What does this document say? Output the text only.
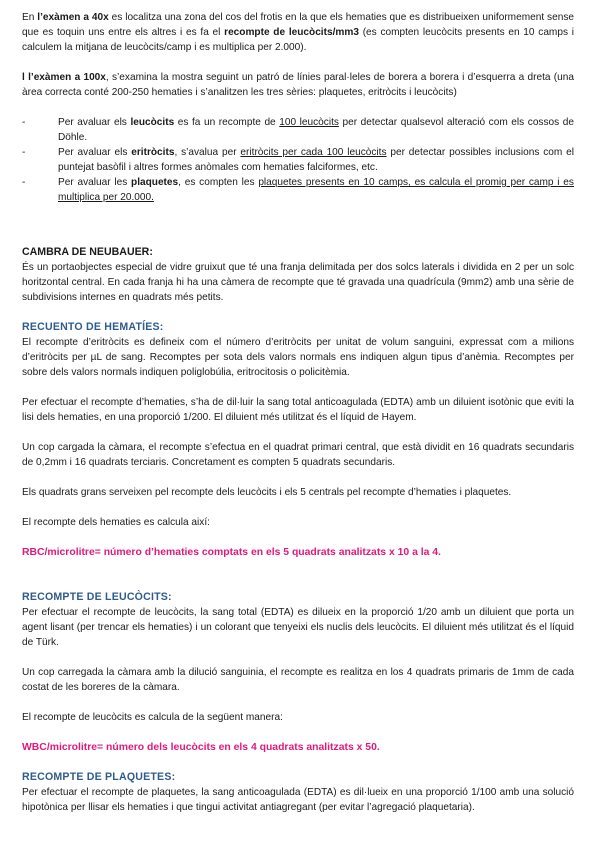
En l’exàmen a 40x es localitza una zona del cos del frotis en la que els hematies que es distribueixen uniformement sense que es toquin uns entre els altres i es fa el recompte de leucòcits/mm3 (es compten leucòcits presents en 10 camps i calculem la mitjana de leucòcits/camp i es multiplica per 2.000).

l l’exàmen a 100x, s’examina la mostra seguint un patró de línies paral·leles de borera a borera i d’esquerra a dreta (una àrea correcta conté 200-250 hematies i s’analitzen les tres sèries: plaquetes, eritròcits i leucòcits)

-	Per avaluar els leucòcits es fa un recompte de 100 leucòcits per detectar qualsevol alteració com els cossos de Döhle.
-	Per avaluar els eritròcits, s’avalua per eritròcits per cada 100 leucòcits per detectar possibles inclusions com el puntejat basòfil i altres formes anòmales com hematies falciformes, etc.
-	Per avaluar les plaquetes, es compten les plaquetes presents en 10 camps, es calcula el promig per camp i es multiplica per 20.000.
CAMBRA DE NEUBAUER:

És un portaobjectes especial de vidre gruixut que té una franja delimitada per dos solcs laterals i dividida en 2 per un solc horitzontal central. En cada franja hi ha una càmera de recompte que té gravada una quadrícula (9mm2) amb una sèrie de subdivisions internes en quadrats més petits.

RECUENTO DE HEMATÍES:

El recompte d’eritròcits es defineix com el número d’eritròcits per unitat de volum sanguini, expressat com a milions d’eritròcits per µL de sang. Recomptes per sota dels valors normals ens indiquen algun tipus d’anèmia. Recomptes per sobre dels valors normals indiquen poliglobúlia, eritrocitosis o policitèmia.

Per efectuar el recompte d’hematies, s’ha de dil·luir la sang total anticoagulada (EDTA) amb un diluient isotònic que eviti la lisi dels hematies, en una proporció 1/200. El diluient més utilitzat és el líquid de Hayem.

Un cop cargada la càmara, el recompte s’efectua en el quadrat primari central, que està dividit en 16 quadrats secundaris de 0,2mm i 16 quadrats terciaris. Concretament es compten 5 quadrats secundaris.

Els quadrats grans serveixen pel recompte dels leucòcits i els 5 centrals pel recompte d’hematies i plaquetes.

El recompte dels hematies es calcula així:

RBC/microlitre= número d’hematies comptats en els 5 quadrats analitzats x 10 a la 4.

RECOMPTE DE LEUCÒCITS:

Per efectuar el recompte de leucòcits, la sang total (EDTA) es dilueix en la proporció 1/20 amb un diluient que porta un agent lisant (per trencar els hematies) i un colorant que tenyeixi els nuclis dels leucòcits. El diluient més utilitzat és el líquid de Türk.

Un cop carregada la càmara amb la dilució sanguinia, el recompte es realitza en los 4 quadrats primaris de 1mm de cada costat de les boreres de la càmara.

El recompte de leucòcits es calcula de la següent manera:

WBC/microlitre= número dels leucòcits en els 4 quadrats analitzats x 50.

RECOMPTE DE PLAQUETES:

Per efectuar el recompte de plaquetes, la sang anticoagulada (EDTA) es dil·lueix en una proporció 1/100 amb una solució hipotònica per llisar els hematies i que tingui activitat antiagregant (per evitar l’agregació plaquetaria).
